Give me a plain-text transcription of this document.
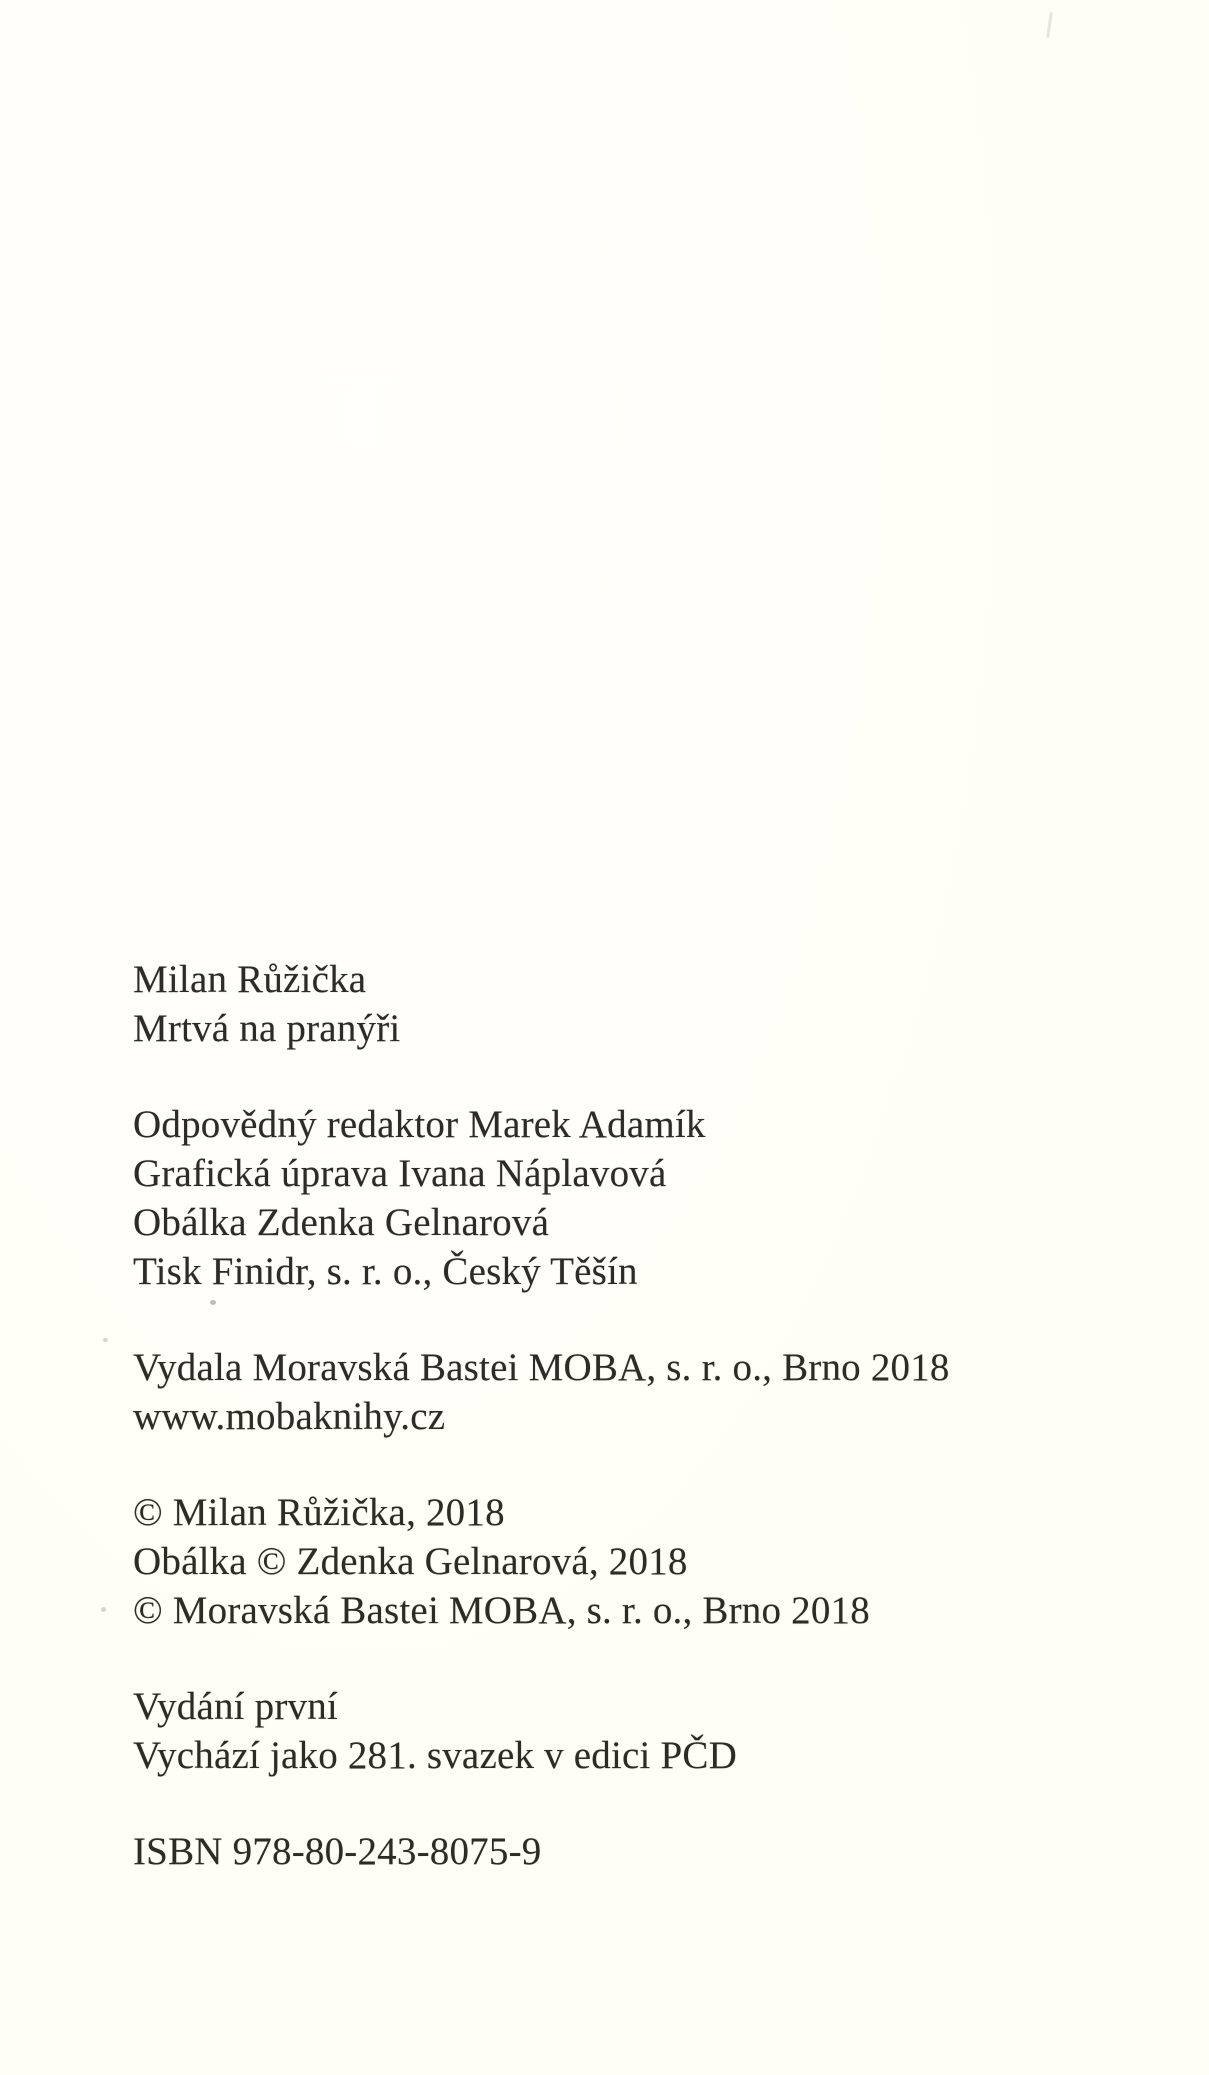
Milan Růžička
Mrtvá na pranýři
Odpovědný redaktor Marek Adamík
Grafická úprava Ivana Náplavová
Obálka Zdenka Gelnarová
Tisk Finidr, s. r. o., Český Těšín
Vydala Moravská Bastei MOBA, s. r. o., Brno 2018
www.mobaknihy.cz
© Milan Růžička, 2018
Obálka © Zdenka Gelnarová, 2018
© Moravská Bastei MOBA, s. r. o., Brno 2018
Vydání první
Vychází jako 281. svazek v edici PČD
ISBN 978-80-243-8075-9
